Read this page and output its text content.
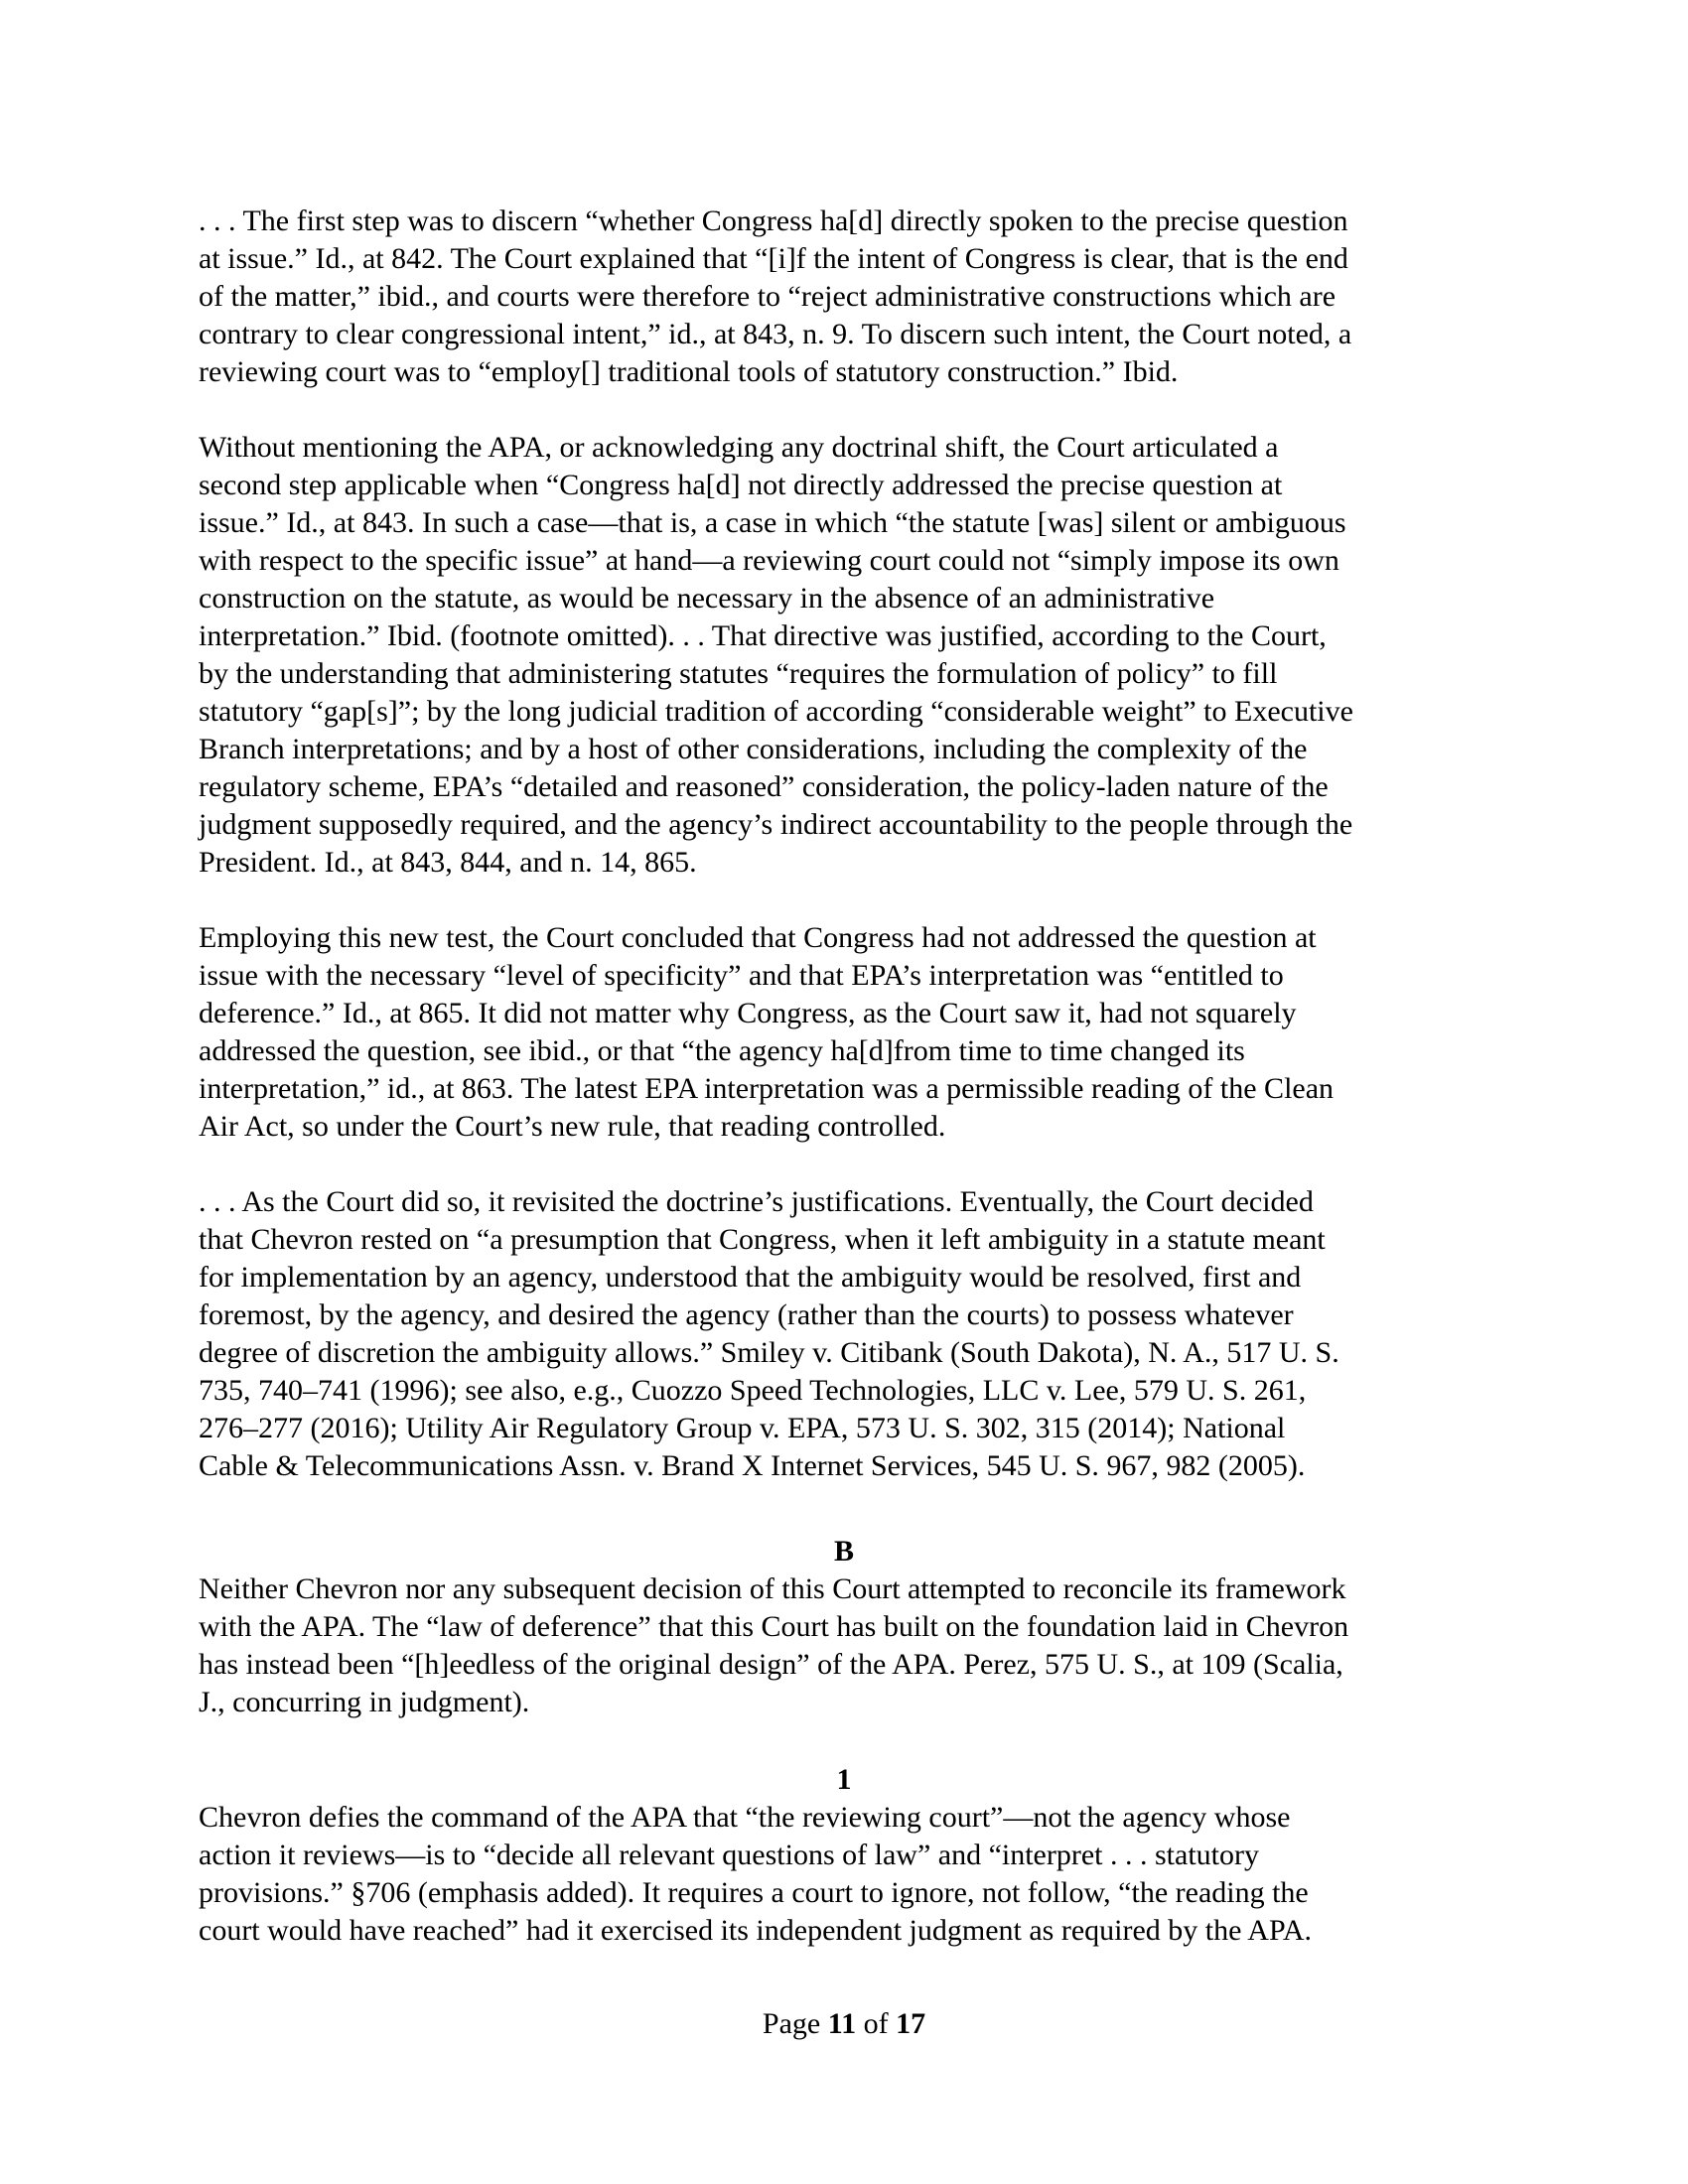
. . . The first step was to discern “whether Congress ha[d] directly spoken to the precise question
at issue.” Id., at 842. The Court explained that “[i]f the intent of Congress is clear, that is the end
of the matter,” ibid., and courts were therefore to “reject administrative constructions which are
contrary to clear congressional intent,” id., at 843, n. 9. To discern such intent, the Court noted, a
reviewing court was to “employ[] traditional tools of statutory construction.” Ibid.
Without mentioning the APA, or acknowledging any doctrinal shift, the Court articulated a
second step applicable when “Congress ha[d] not directly addressed the precise question at
issue.” Id., at 843. In such a case—that is, a case in which “the statute [was] silent or ambiguous
with respect to the specific issue” at hand—a reviewing court could not “simply impose its own
construction on the statute, as would be necessary in the absence of an administrative
interpretation.” Ibid. (footnote omitted). . . That directive was justified, according to the Court,
by the understanding that administering statutes “requires the formulation of policy” to fill
statutory “gap[s]”; by the long judicial tradition of according “considerable weight” to Executive
Branch interpretations; and by a host of other considerations, including the complexity of the
regulatory scheme, EPA’s “detailed and reasoned” consideration, the policy-laden nature of the
judgment supposedly required, and the agency’s indirect accountability to the people through the
President. Id., at 843, 844, and n. 14, 865.
Employing this new test, the Court concluded that Congress had not addressed the question at
issue with the necessary “level of specificity” and that EPA’s interpretation was “entitled to
deference.” Id., at 865. It did not matter why Congress, as the Court saw it, had not squarely
addressed the question, see ibid., or that “the agency ha[d]from time to time changed its
interpretation,” id., at 863. The latest EPA interpretation was a permissible reading of the Clean
Air Act, so under the Court’s new rule, that reading controlled.
. . . As the Court did so, it revisited the doctrine’s justifications. Eventually, the Court decided
that Chevron rested on “a presumption that Congress, when it left ambiguity in a statute meant
for implementation by an agency, understood that the ambiguity would be resolved, first and
foremost, by the agency, and desired the agency (rather than the courts) to possess whatever
degree of discretion the ambiguity allows.” Smiley v. Citibank (South Dakota), N. A., 517 U. S.
735, 740–741 (1996); see also, e.g., Cuozzo Speed Technologies, LLC v. Lee, 579 U. S. 261,
276–277 (2016); Utility Air Regulatory Group v. EPA, 573 U. S. 302, 315 (2014); National
Cable & Telecommunications Assn. v. Brand X Internet Services, 545 U. S. 967, 982 (2005).
B
Neither Chevron nor any subsequent decision of this Court attempted to reconcile its framework
with the APA. The “law of deference” that this Court has built on the foundation laid in Chevron
has instead been “[h]eedless of the original design” of the APA. Perez, 575 U. S., at 109 (Scalia,
J., concurring in judgment).
1
Chevron defies the command of the APA that “the reviewing court”—not the agency whose
action it reviews—is to “decide all relevant questions of law” and “interpret . . . statutory
provisions.” §706 (emphasis added). It requires a court to ignore, not follow, “the reading the
court would have reached” had it exercised its independent judgment as required by the APA.
Page 11 of 17
